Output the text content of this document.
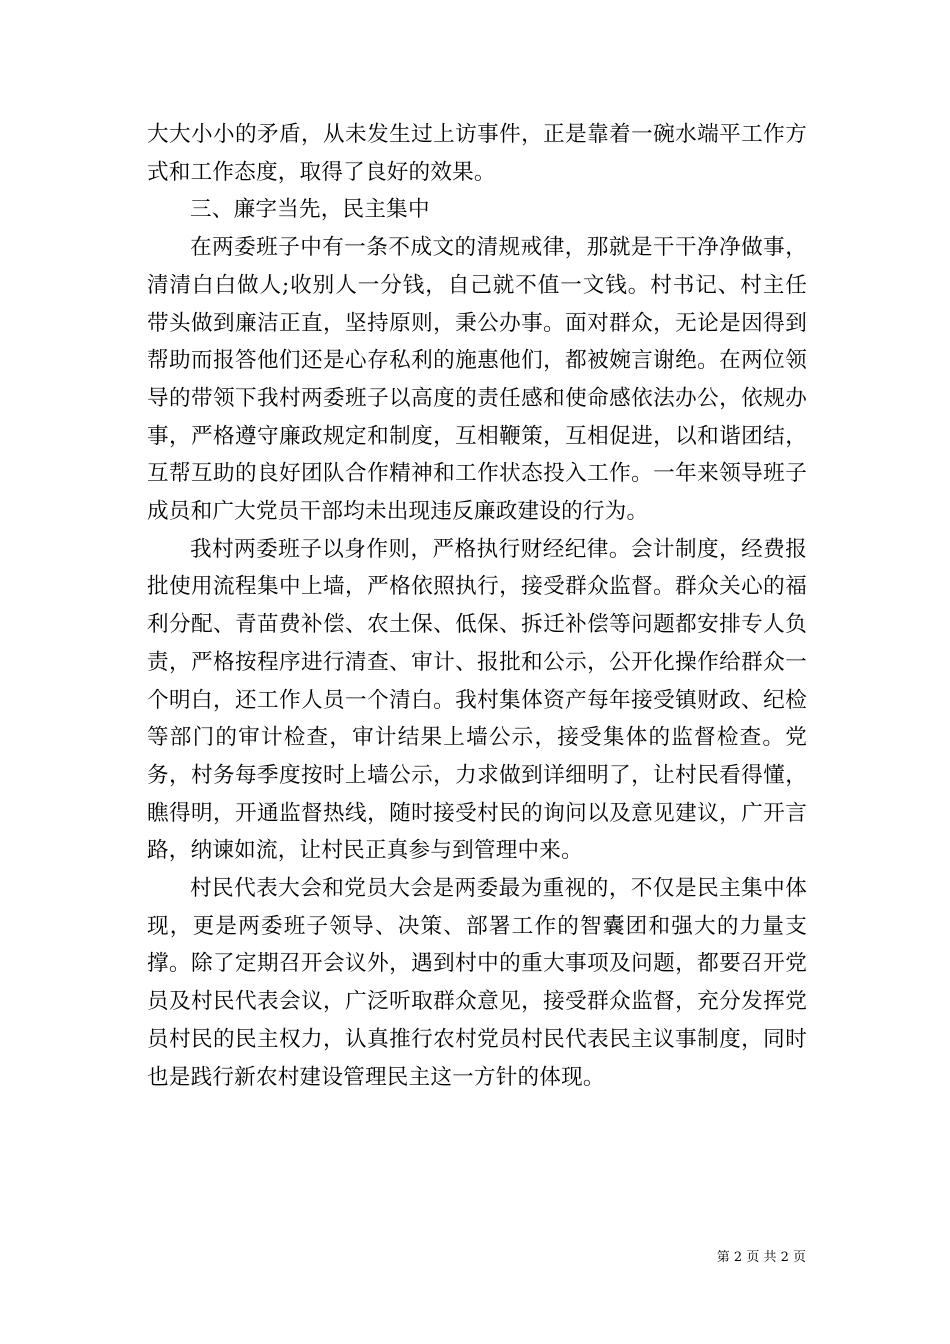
大大小小的矛盾，从未发生过上访事件，正是靠着一碗水端平工作方式和工作态度，取得了良好的效果。

三、廉字当先，民主集中

在两委班子中有一条不成文的清规戒律，那就是干干净净做事，清清白白做人;收别人一分钱，自己就不值一文钱。村书记、村主任带头做到廉洁正直，坚持原则，秉公办事。面对群众，无论是因得到帮助而报答他们还是心存私利的施惠他们，都被婉言谢绝。在两位领导的带领下我村两委班子以高度的责任感和使命感依法办公，依规办事，严格遵守廉政规定和制度，互相鞭策，互相促进，以和谐团结，互帮互助的良好团队合作精神和工作状态投入工作。一年来领导班子成员和广大党员干部均未出现违反廉政建设的行为。

我村两委班子以身作则，严格执行财经纪律。会计制度，经费报批使用流程集中上墙，严格依照执行，接受群众监督。群众关心的福利分配、青苗费补偿、农土保、低保、拆迁补偿等问题都安排专人负责，严格按程序进行清查、审计、报批和公示，公开化操作给群众一个明白，还工作人员一个清白。我村集体资产每年接受镇财政、纪检等部门的审计检查，审计结果上墙公示，接受集体的监督检查。党务，村务每季度按时上墙公示，力求做到详细明了，让村民看得懂，瞧得明，开通监督热线，随时接受村民的询问以及意见建议，广开言路，纳谏如流，让村民正真参与到管理中来。

村民代表大会和党员大会是两委最为重视的，不仅是民主集中体现，更是两委班子领导、决策、部署工作的智囊团和强大的力量支撑。除了定期召开会议外，遇到村中的重大事项及问题，都要召开党员及村民代表会议，广泛听取群众意见，接受群众监督，充分发挥党员村民的民主权力，认真推行农村党员村民代表民主议事制度，同时也是践行新农村建设管理民主这一方针的体现。

第 2 页 共 2 页
